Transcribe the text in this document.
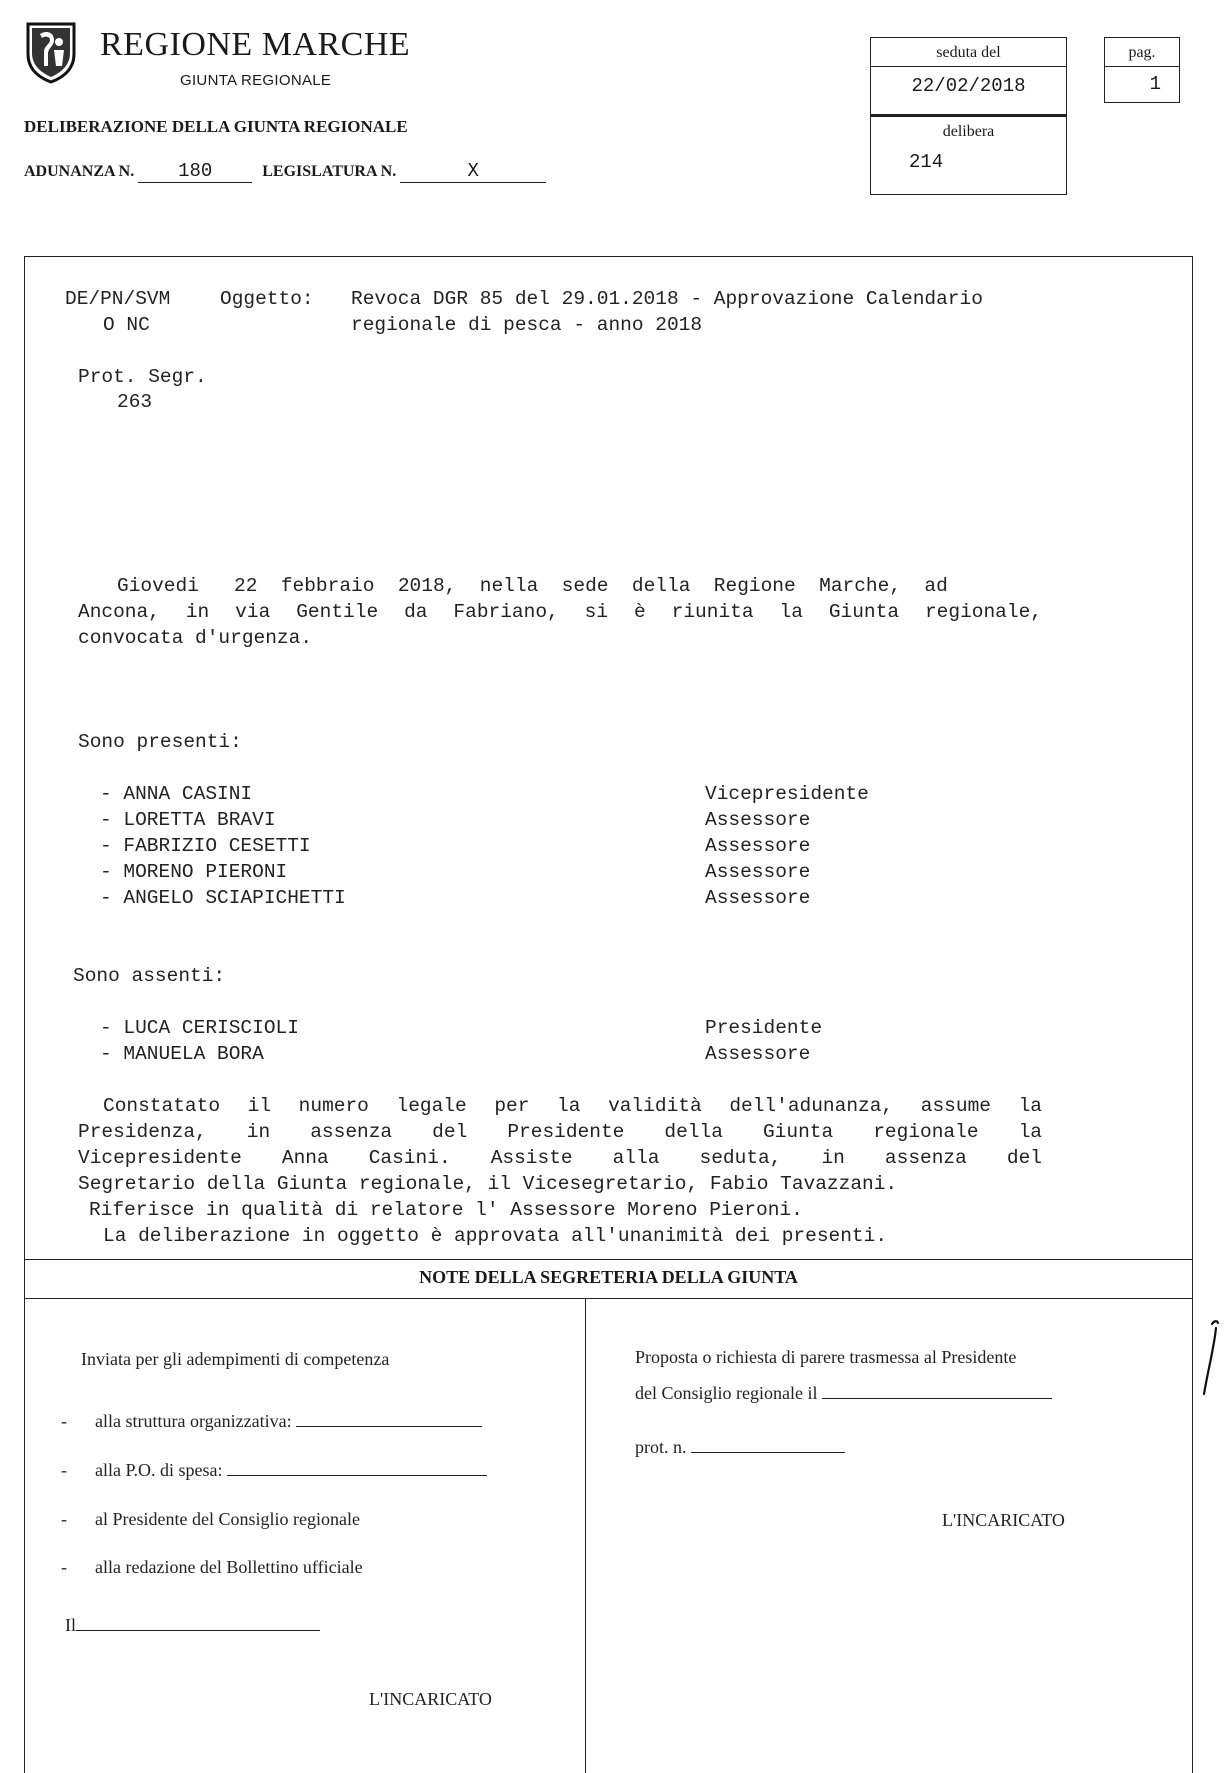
REGIONE MARCHE
GIUNTA REGIONALE
DELIBERAZIONE DELLA GIUNTA REGIONALE
ADUNANZA N. 180	LEGISLATURA N.	X
seduta del
22/02/2018
delibera
214
pag.
1
DE/PN/SVM
O NC
Oggetto: Revoca DGR 85 del 29.01.2018 - Approvazione Calendario
regionale di pesca - anno 2018
Prot. Segr.
263
Giovedi   22  febbraio  2018,  nella  sede  della  Regione  Marche,  ad
Ancona, in via Gentile da Fabriano, si è riunita la Giunta regionale,
convocata d'urgenza.
Sono presenti:
- ANNA CASINI	Vicepresidente
- LORETTA BRAVI	Assessore
- FABRIZIO CESETTI	Assessore
- MORENO PIERONI	Assessore
- ANGELO SCIAPICHETTI	Assessore
Sono assenti:
- LUCA CERISCIOLI	Presidente
- MANUELA BORA	Assessore
Constatato il numero legale per la validità dell'adunanza, assume la
Presidenza, in assenza del Presidente della Giunta regionale la
Vicepresidente Anna Casini. Assiste alla seduta, in assenza del
Segretario della Giunta regionale, il Vicesegretario, Fabio Tavazzani.
Riferisce in qualità di relatore l' Assessore Moreno Pieroni.
La deliberazione in oggetto è approvata all'unanimità dei presenti.
NOTE DELLA SEGRETERIA DELLA GIUNTA
Inviata per gli adempimenti di competenza
- alla struttura organizzativa:
- alla P.O. di spesa:
- al Presidente del Consiglio regionale
- alla redazione del Bollettino ufficiale
Il
L'INCARICATO
Proposta o richiesta di parere trasmessa al Presidente
del Consiglio regionale il
prot. n.
L'INCARICATO
